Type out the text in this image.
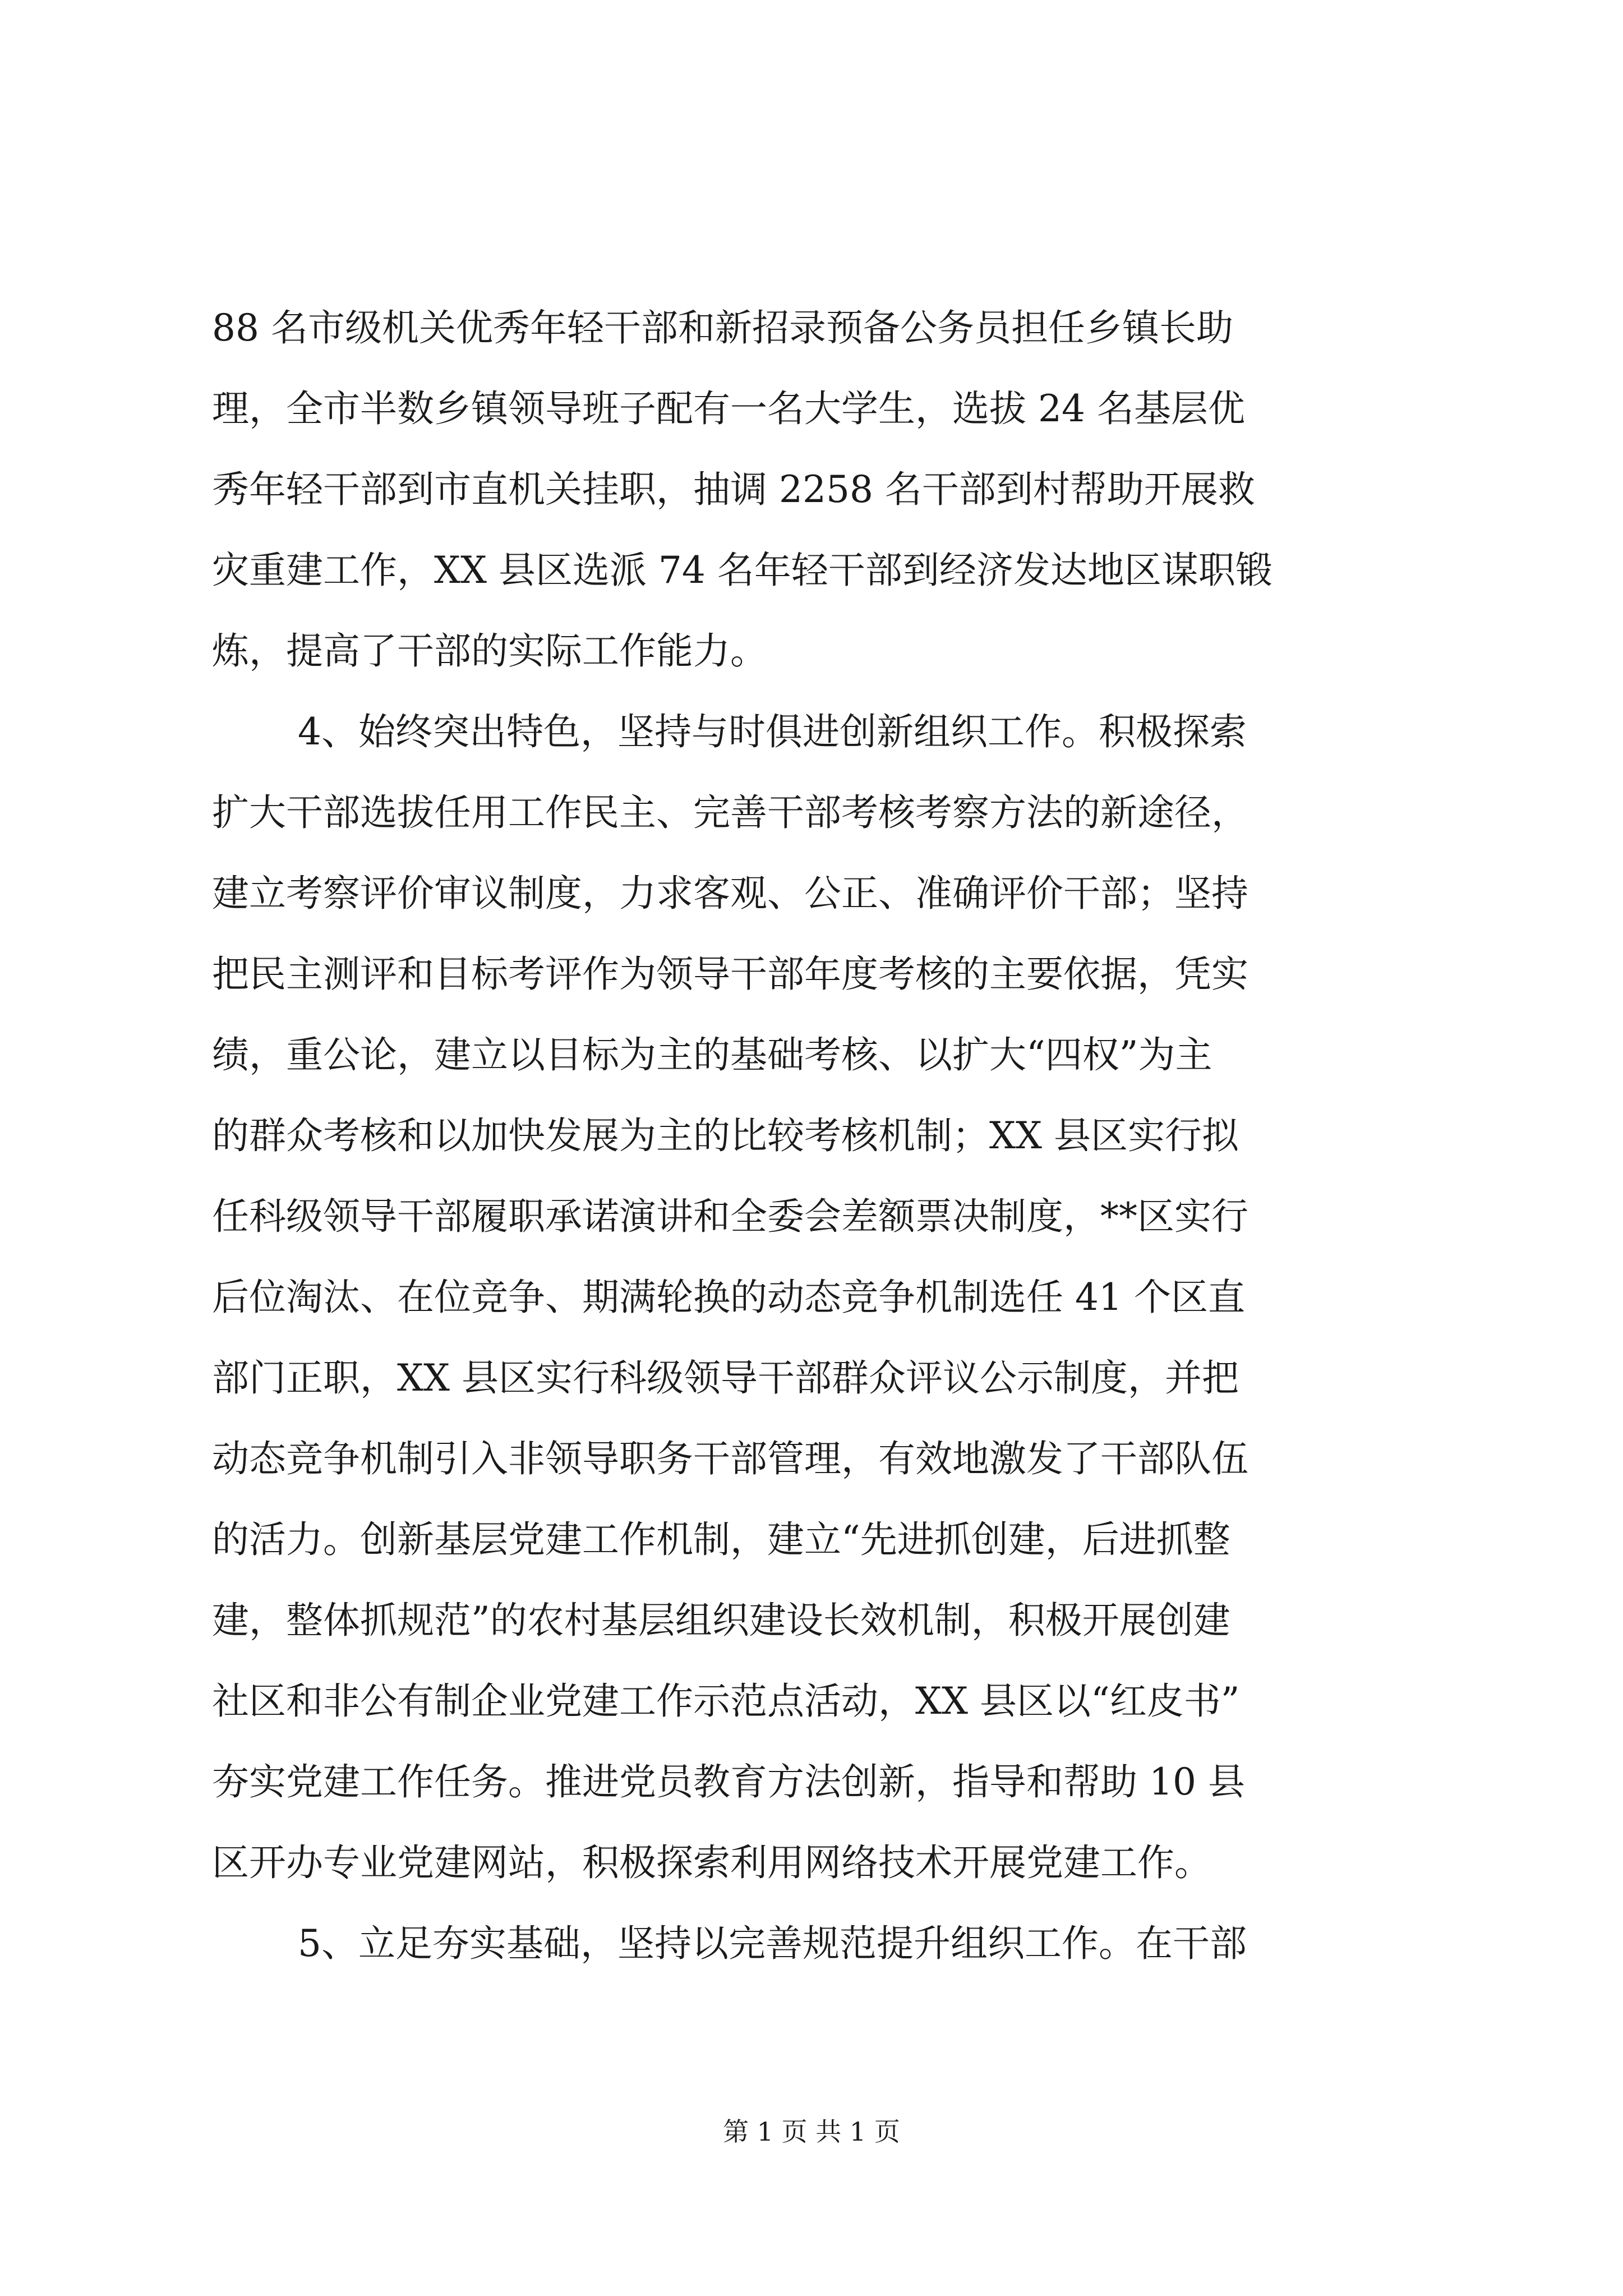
88 名市级机关优秀年轻干部和新招录预备公务员担任乡镇长助
理，全市半数乡镇领导班子配有一名大学生，选拔 24 名基层优
秀年轻干部到市直机关挂职，抽调 2258 名干部到村帮助开展救
灾重建工作，XX 县区选派 74 名年轻干部到经济发达地区谋职锻
炼，提高了干部的实际工作能力。
4、始终突出特色，坚持与时俱进创新组织工作。积极探索
扩大干部选拔任用工作民主、完善干部考核考察方法的新途径，
建立考察评价审议制度，力求客观、公正、准确评价干部；坚持
把民主测评和目标考评作为领导干部年度考核的主要依据，凭实
绩，重公论，建立以目标为主的基础考核、以扩大“四权”为主
的群众考核和以加快发展为主的比较考核机制；XX 县区实行拟
任科级领导干部履职承诺演讲和全委会差额票决制度，**区实行
后位淘汰、在位竞争、期满轮换的动态竞争机制选任 41 个区直
部门正职，XX 县区实行科级领导干部群众评议公示制度，并把
动态竞争机制引入非领导职务干部管理，有效地激发了干部队伍
的活力。创新基层党建工作机制，建立“先进抓创建，后进抓整
建，整体抓规范”的农村基层组织建设长效机制，积极开展创建
社区和非公有制企业党建工作示范点活动，XX 县区以“红皮书”
夯实党建工作任务。推进党员教育方法创新，指导和帮助 10 县
区开办专业党建网站，积极探索利用网络技术开展党建工作。
5、立足夯实基础，坚持以完善规范提升组织工作。在干部
第 1 页 共 1 页
